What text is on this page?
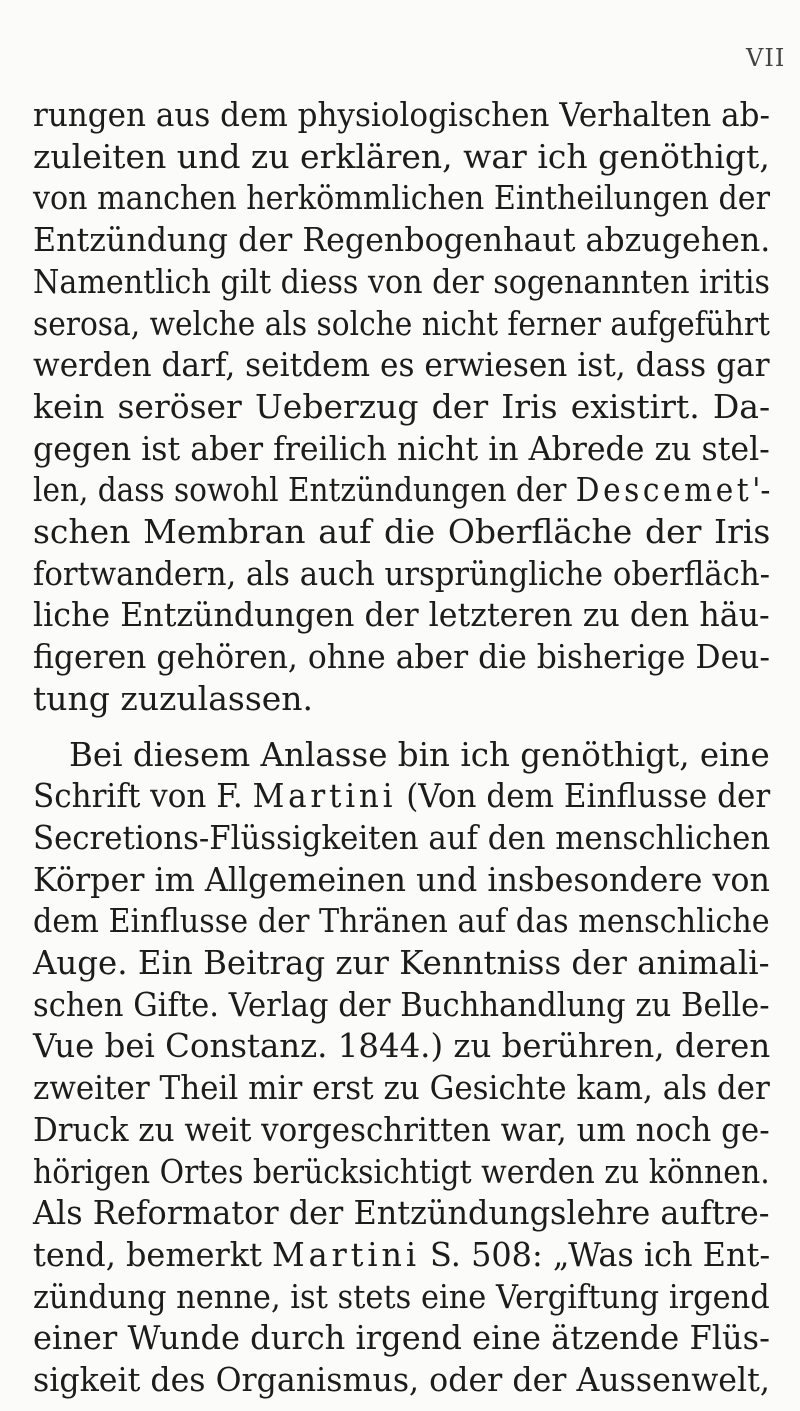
VII
rungen aus dem physiologischen Verhalten ab-
zuleiten und zu erklären, war ich genöthigt,
von manchen herkömmlichen Eintheilungen der
Entzündung der Regenbogenhaut abzugehen.
Namentlich gilt diess von der sogenannten iritis
serosa, welche als solche nicht ferner aufgeführt
werden darf, seitdem es erwiesen ist, dass gar
kein seröser Ueberzug der Iris existirt. Da-
gegen ist aber freilich nicht in Abrede zu stel-
len, dass sowohl Entzündungen der Descemet'-
schen Membran auf die Oberfläche der Iris
fortwandern, als auch ursprüngliche oberfläch-
liche Entzündungen der letzteren zu den häu-
figeren gehören, ohne aber die bisherige Deu-
tung zuzulassen.
Bei diesem Anlasse bin ich genöthigt, eine
Schrift von F. Martini (Von dem Einflusse der
Secretions-Flüssigkeiten auf den menschlichen
Körper im Allgemeinen und insbesondere von
dem Einflusse der Thränen auf das menschliche
Auge. Ein Beitrag zur Kenntniss der animali-
schen Gifte. Verlag der Buchhandlung zu Belle-
Vue bei Constanz. 1844.) zu berühren, deren
zweiter Theil mir erst zu Gesichte kam, als der
Druck zu weit vorgeschritten war, um noch ge-
hörigen Ortes berücksichtigt werden zu können.
Als Reformator der Entzündungslehre auftre-
tend, bemerkt Martini S. 508: „Was ich Ent-
zündung nenne, ist stets eine Vergiftung irgend
einer Wunde durch irgend eine ätzende Flüs-
sigkeit des Organismus, oder der Aussenwelt,
